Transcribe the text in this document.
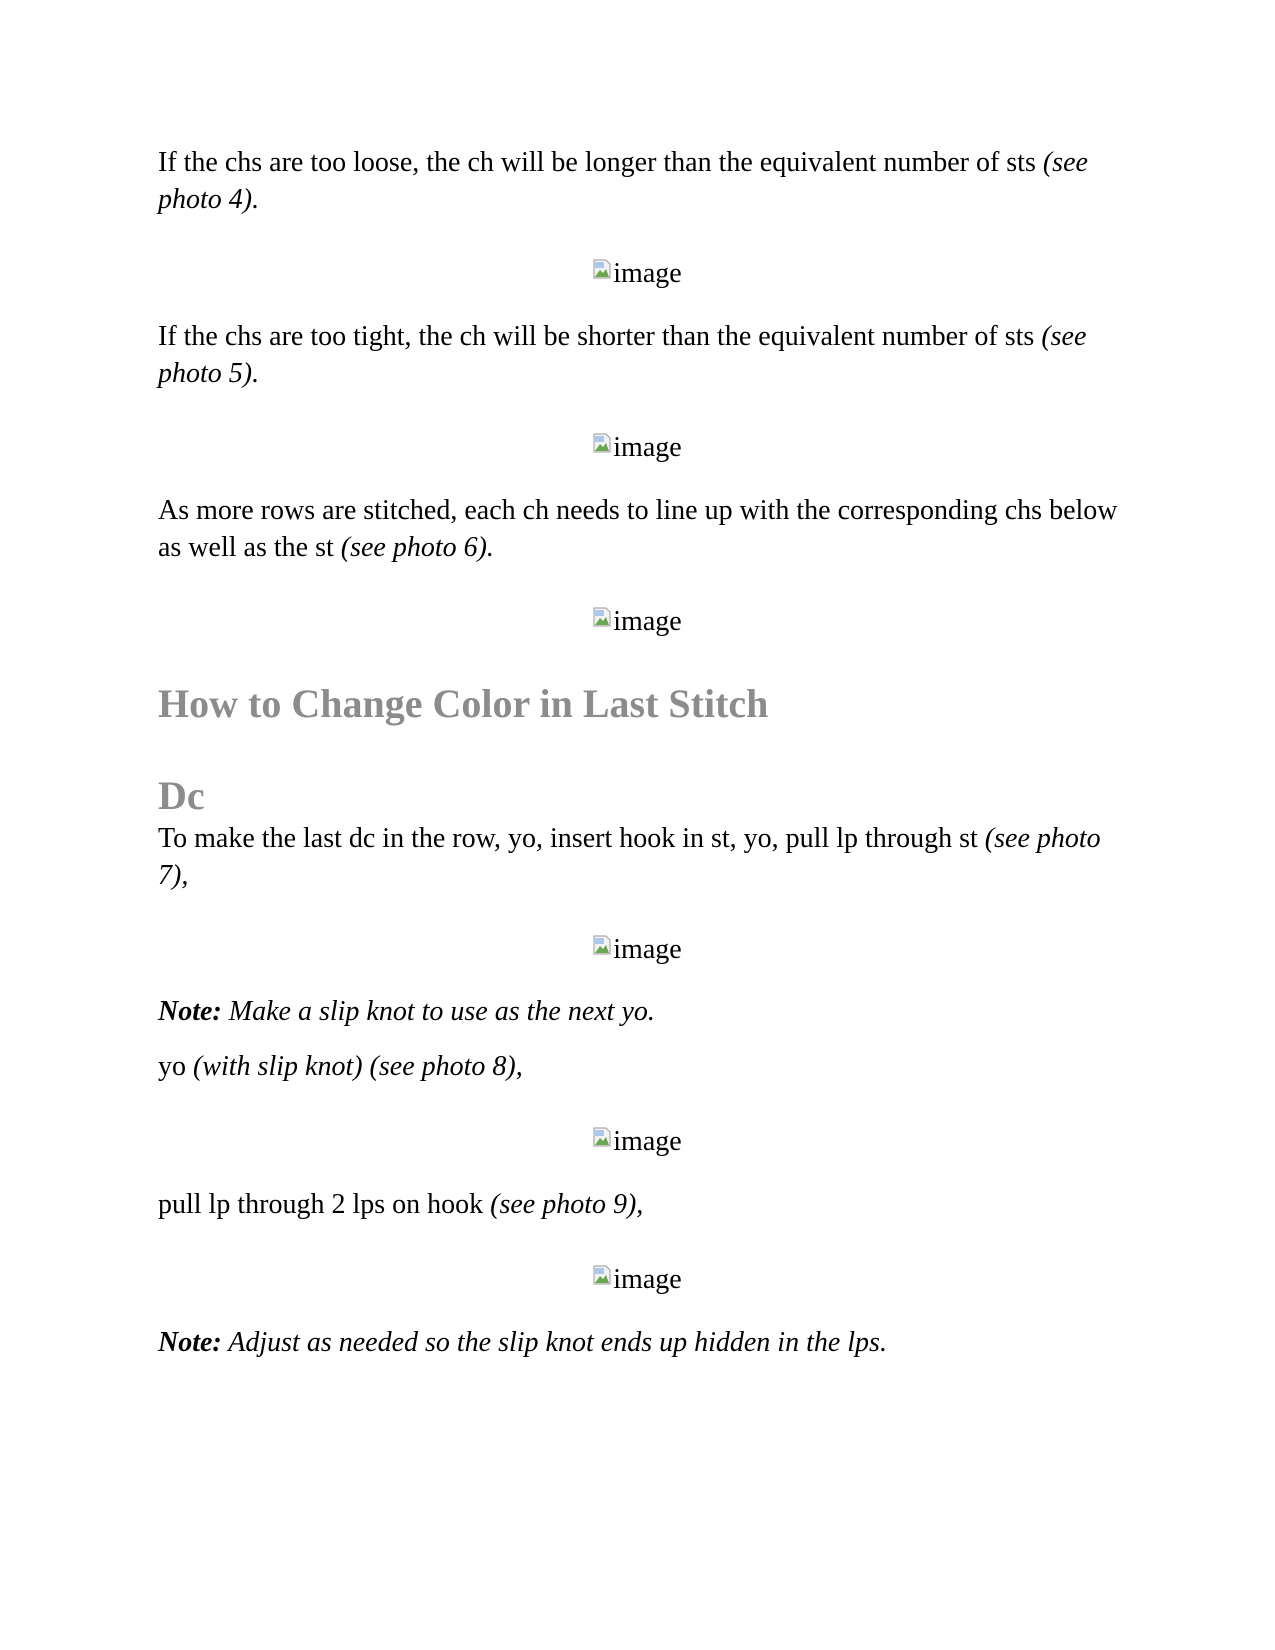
If the chs are too loose, the ch will be longer than the equivalent number of sts (see photo 4).

image

If the chs are too tight, the ch will be shorter than the equivalent number of sts (see photo 5).

image

As more rows are stitched, each ch needs to line up with the corresponding chs below as well as the st (see photo 6).

image
How to Change Color in Last Stitch
Dc

To make the last dc in the row, yo, insert hook in st, yo, pull lp through st (see photo 7),

image

Note: Make a slip knot to use as the next yo.

yo (with slip knot) (see photo 8),

image

pull lp through 2 lps on hook (see photo 9),

image

Note: Adjust as needed so the slip knot ends up hidden in the lps.
